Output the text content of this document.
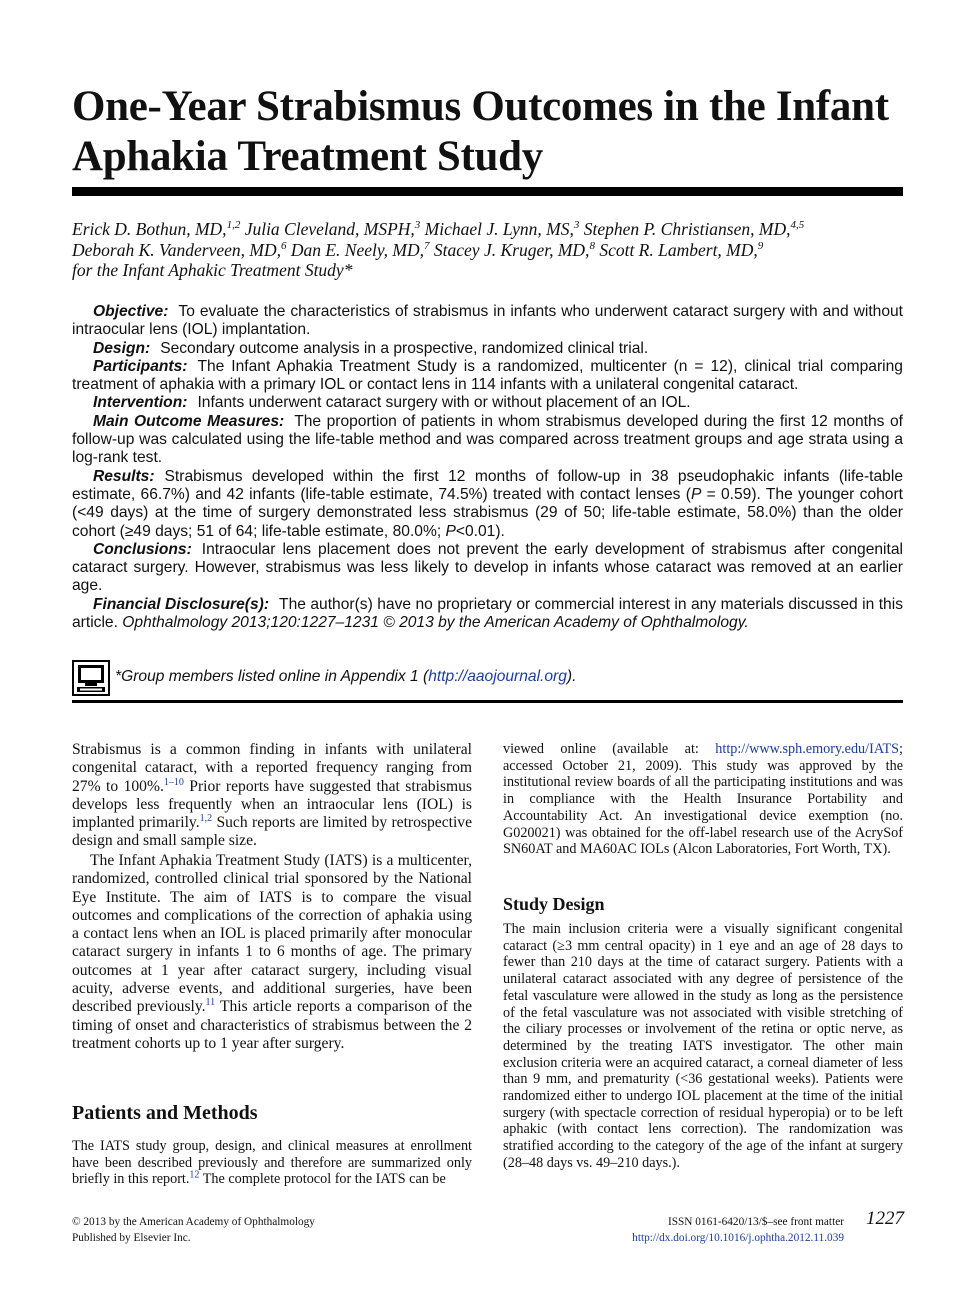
One-Year Strabismus Outcomes in the Infant Aphakia Treatment Study

Erick D. Bothun, MD,$^{1,2}$ Julia Cleveland, MSPH,$^3$ Michael J. Lynn, MS,$^3$ Stephen P. Christiansen, MD,$^{4,5}$
Deborah K. Vanderveen, MD,$^6$ Dan E. Neely, MD,$^7$ Stacey J. Kruger, MD,$^8$ Scott R. Lambert, MD,$^9$
for the Infant Aphakic Treatment Study*

Objective: To evaluate the characteristics of strabismus in infants who underwent cataract surgery with and without intraocular lens (IOL) implantation.

Design: Secondary outcome analysis in a prospective, randomized clinical trial.

Participants: The Infant Aphakia Treatment Study is a randomized, multicenter (n = 12), clinical trial comparing treatment of aphakia with a primary IOL or contact lens in 114 infants with a unilateral congenital cataract.

Intervention: Infants underwent cataract surgery with or without placement of an IOL.

Main Outcome Measures: The proportion of patients in whom strabismus developed during the first 12 months of follow-up was calculated using the life-table method and was compared across treatment groups and age strata using a log-rank test.

Results: Strabismus developed within the first 12 months of follow-up in 38 pseudophakic infants (life-table estimate, 66.7%) and 42 infants (life-table estimate, 74.5%) treated with contact lenses (P = 0.59). The younger cohort (<49 days) at the time of surgery demonstrated less strabismus (29 of 50; life-table estimate, 58.0%) than the older cohort (≥49 days; 51 of 64; life-table estimate, 80.0%; P<0.01).

Conclusions: Intraocular lens placement does not prevent the early development of strabismus after congenital cataract surgery. However, strabismus was less likely to develop in infants whose cataract was removed at an earlier age.

Financial Disclosure(s): The author(s) have no proprietary or commercial interest in any materials discussed in this article. Ophthalmology 2013;120:1227–1231 © 2013 by the American Academy of Ophthalmology.

*Group members listed online in Appendix 1 (http://aaojournal.org).

Strabismus is a common finding in infants with unilateral congenital cataract, with a reported frequency ranging from 27% to 100%.$^{1-10}$ Prior reports have suggested that strabismus develops less frequently when an intraocular lens (IOL) is implanted primarily.$^{1,2}$ Such reports are limited by retrospective design and small sample size.

The Infant Aphakia Treatment Study (IATS) is a multicenter, randomized, controlled clinical trial sponsored by the National Eye Institute. The aim of IATS is to compare the visual outcomes and complications of the correction of aphakia using a contact lens when an IOL is placed primarily after monocular cataract surgery in infants 1 to 6 months of age. The primary outcomes at 1 year after cataract surgery, including visual acuity, adverse events, and additional surgeries, have been described previously.$^{11}$ This article reports a comparison of the timing of onset and characteristics of strabismus between the 2 treatment cohorts up to 1 year after surgery.

Patients and Methods

The IATS study group, design, and clinical measures at enrollment have been described previously and therefore are summarized only briefly in this report.$^{12}$ The complete protocol for the IATS can be

viewed online (available at: http://www.sph.emory.edu/IATS; accessed October 21, 2009). This study was approved by the institutional review boards of all the participating institutions and was in compliance with the Health Insurance Portability and Accountability Act. An investigational device exemption (no. G020021) was obtained for the off-label research use of the AcrySof SN60AT and MA60AC IOLs (Alcon Laboratories, Fort Worth, TX).

Study Design

The main inclusion criteria were a visually significant congenital cataract (≥3 mm central opacity) in 1 eye and an age of 28 days to fewer than 210 days at the time of cataract surgery. Patients with a unilateral cataract associated with any degree of persistence of the fetal vasculature were allowed in the study as long as the persistence of the fetal vasculature was not associated with visible stretching of the ciliary processes or involvement of the retina or optic nerve, as determined by the treating IATS investigator. The other main exclusion criteria were an acquired cataract, a corneal diameter of less than 9 mm, and prematurity (<36 gestational weeks). Patients were randomized either to undergo IOL placement at the time of the initial surgery (with spectacle correction of residual hyperopia) or to be left aphakic (with contact lens correction). The randomization was stratified according to the category of the age of the infant at surgery (28–48 days vs. 49–210 days.).

© 2013 by the American Academy of Ophthalmology
Published by Elsevier Inc.
ISSN 0161-6420/13/$–see front matter
http://dx.doi.org/10.1016/j.ophtha.2012.11.039
1227
